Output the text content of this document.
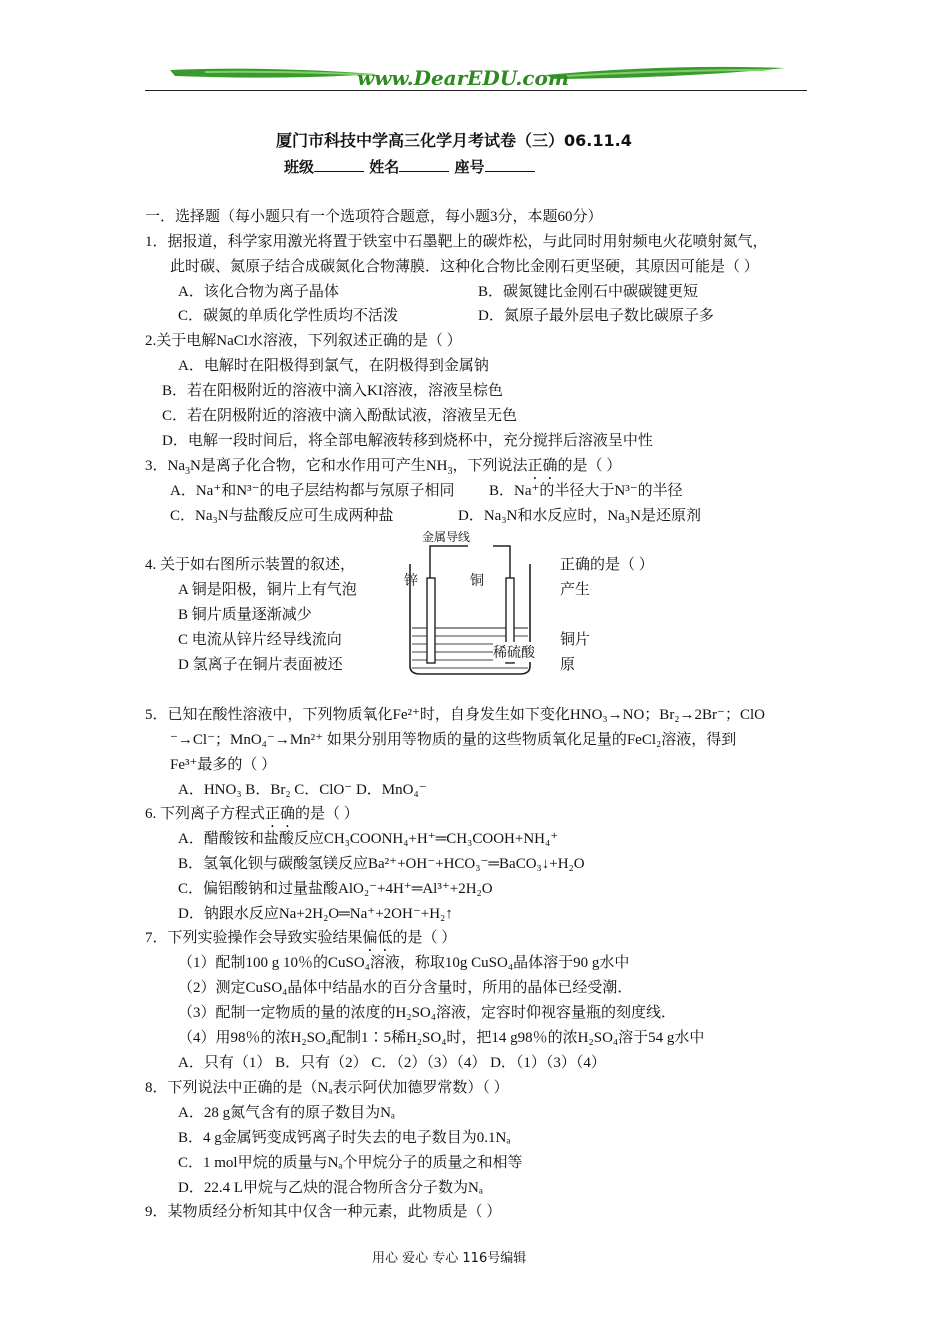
www.DearEDU.com
厦门市科技中学高三化学月考试卷（三）06.11.4
班级	姓名	座号
一．选择题（每小题只有一个选项符合题意，每小题3分，本题60分）
1．据报道，科学家用激光将置于铁室中石墨靶上的碳炸松，与此同时用射频电火花喷射氮气，
此时碳、氮原子结合成碳氮化合物薄膜．这种化合物比金刚石更坚硬，其原因可能是（ ）
A．该化合物为离子晶体	B．碳氮键比金刚石中碳碳键更短
C．碳氮的单质化学性质均不活泼	D．氮原子最外层电子数比碳原子多
2.关于电解NaCl水溶液，下列叙述正确的是（ ）
A．电解时在阳极得到氯气，在阴极得到金属钠
B．若在阳极附近的溶液中滴入KI溶液，溶液呈棕色
C．若在阴极附近的溶液中滴入酚酞试液，溶液呈无色
D．电解一段时间后，将全部电解液转移到烧杯中，充分搅拌后溶液呈中性
3．$Na_3N$是离子化合物，它和水作用可产生$NH_3$，下列说法正确的是（ ）
A．Na⁺和N³⁻的电子层结构都与氖原子相同 B．Na⁺的半径大于N³⁻的半径
C．Na₃N与盐酸反应可生成两种盐	D．Na₃N和水反应时，Na₃N是还原剂
4. 关于如右图所示装置的叙述，	正确的是（ ）
A 铜是阳极，铜片上有气泡	产生
B 铜片质量逐渐减少
C 电流从锌片经导线流向	铜片
D 氢离子在铜片表面被还	原
金属导线
锌	铜
稀硫酸
5．已知在酸性溶液中，下列物质氧化Fe²⁺时，自身发生如下变化HNO₃→NO；Br₂→2Br⁻；ClO
⁻→Cl⁻；MnO₄⁻→Mn²⁺ 如果分别用等物质的量的这些物质氧化足量的FeCl₂溶液，得到
Fe³⁺最多的（ ）
A．HNO₃ B．Br₂ C．ClO⁻ D．MnO₄⁻
6. 下列离子方程式正确的是（ ）
A．醋酸铵和盐酸反应CH₃COONH₄+H⁺═CH₃COOH+NH₄⁺
B．氢氧化钡与碳酸氢镁反应Ba²⁺+OH⁻+HCO₃⁻═BaCO₃↓+H₂O
C．偏铝酸钠和过量盐酸AlO₂⁻+4H⁺═Al³⁺+2H₂O
D．钠跟水反应Na+2H₂O═Na⁺+2OH⁻+H₂↑
7．下列实验操作会导致实验结果偏低的是（ ）
（1）配制100 g 10％的CuSO₄溶液，称取10g CuSO₄晶体溶于90 g水中
（2）测定CuSO₄晶体中结晶水的百分含量时，所用的晶体已经受潮．
（3）配制一定物质的量的浓度的H₂SO₄溶液，定容时仰视容量瓶的刻度线．
（4）用98％的浓H₂SO₄配制1∶5稀H₂SO₄时，把14 g98％的浓H₂SO₄溶于54 g水中
A．只有（1） B．只有（2） C．（2）（3）（4） D．（1）（3）（4）
8．下列说法中正确的是（Nₐ表示阿伏加德罗常数）（ ）
A．28 g氮气含有的原子数目为Nₐ
B．4 g金属钙变成钙离子时失去的电子数目为0.1Nₐ
C．1 mol甲烷的质量与Nₐ个甲烷分子的质量之和相等
D．22.4 L甲烷与乙炔的混合物所含分子数为Nₐ
9．某物质经分析知其中仅含一种元素，此物质是（ ）
用心 爱心 专心 116号编辑
